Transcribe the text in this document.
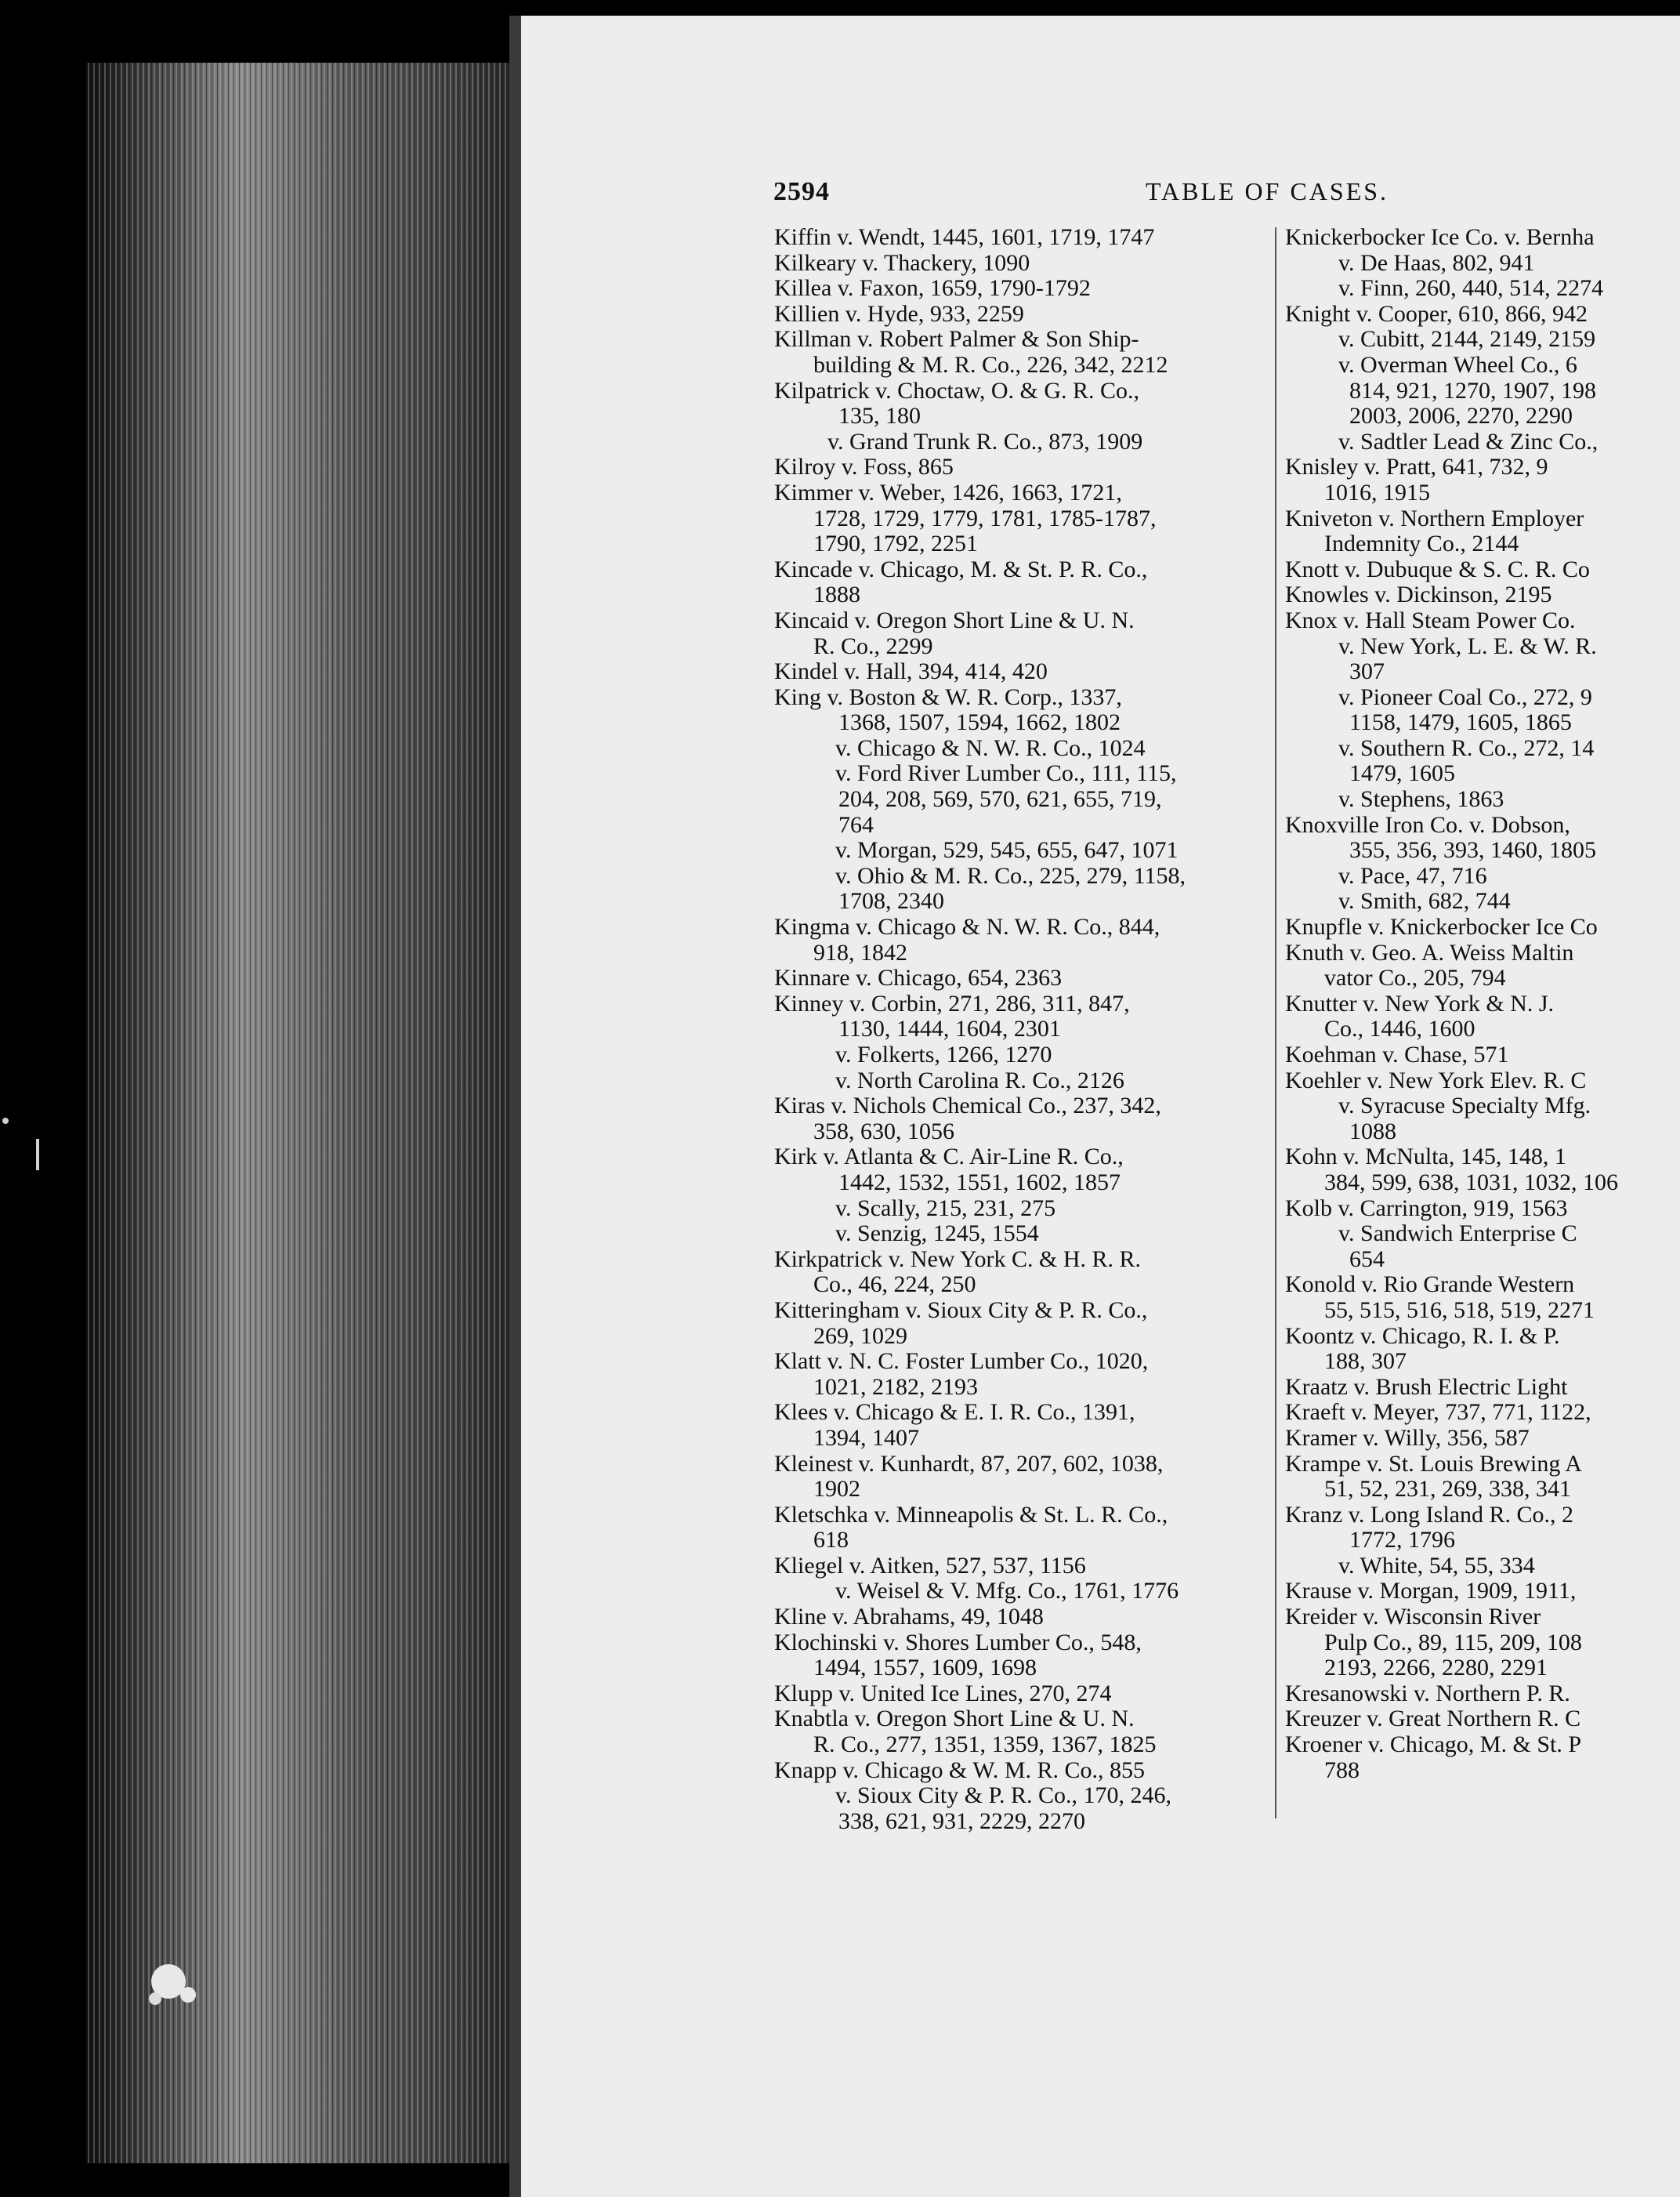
2594	TABLE OF CASES.
Kiffin v. Wendt, 1445, 1601, 1719, 1747
Kilkeary v. Thackery, 1090
Killea v. Faxon, 1659, 1790-1792
Killien v. Hyde, 933, 2259
Killman v. Robert Palmer & Son Ship-
building & M. R. Co., 226, 342, 2212
Kilpatrick v. Choctaw, O. & G. R. Co.,
135, 180
v. Grand Trunk R. Co., 873, 1909
Kilroy v. Foss, 865
Kimmer v. Weber, 1426, 1663, 1721,
1728, 1729, 1779, 1781, 1785-1787,
1790, 1792, 2251
Kincade v. Chicago, M. & St. P. R. Co.,
1888
Kincaid v. Oregon Short Line & U. N.
R. Co., 2299
Kindel v. Hall, 394, 414, 420
King v. Boston & W. R. Corp., 1337,
1368, 1507, 1594, 1662, 1802
v. Chicago & N. W. R. Co., 1024
v. Ford River Lumber Co., 111, 115,
204, 208, 569, 570, 621, 655, 719,
764
v. Morgan, 529, 545, 655, 647, 1071
v. Ohio & M. R. Co., 225, 279, 1158,
1708, 2340
Kingma v. Chicago & N. W. R. Co., 844,
918, 1842
Kinnare v. Chicago, 654, 2363
Kinney v. Corbin, 271, 286, 311, 847,
1130, 1444, 1604, 2301
v. Folkerts, 1266, 1270
v. North Carolina R. Co., 2126
Kiras v. Nichols Chemical Co., 237, 342,
358, 630, 1056
Kirk v. Atlanta & C. Air-Line R. Co.,
1442, 1532, 1551, 1602, 1857
v. Scally, 215, 231, 275
v. Senzig, 1245, 1554
Kirkpatrick v. New York C. & H. R. R.
Co., 46, 224, 250
Kitteringham v. Sioux City & P. R. Co.,
269, 1029
Klatt v. N. C. Foster Lumber Co., 1020,
1021, 2182, 2193
Klees v. Chicago & E. I. R. Co., 1391,
1394, 1407
Kleinest v. Kunhardt, 87, 207, 602, 1038,
1902
Kletschka v. Minneapolis & St. L. R. Co.,
618
Kliegel v. Aitken, 527, 537, 1156
v. Weisel & V. Mfg. Co., 1761, 1776
Kline v. Abrahams, 49, 1048
Klochinski v. Shores Lumber Co., 548,
1494, 1557, 1609, 1698
Klupp v. United Ice Lines, 270, 274
Knabtla v. Oregon Short Line & U. N.
R. Co., 277, 1351, 1359, 1367, 1825
Knapp v. Chicago & W. M. R. Co., 855
v. Sioux City & P. R. Co., 170, 246,
338, 621, 931, 2229, 2270
Knickerbocker Ice Co. v. Bernha
v. De Haas, 802, 941
v. Finn, 260, 440, 514, 2274
Knight v. Cooper, 610, 866, 942
v. Cubitt, 2144, 2149, 2159
v. Overman Wheel Co., 6
814, 921, 1270, 1907, 198
2003, 2006, 2270, 2290
v. Sadtler Lead & Zinc Co.,
Knisley v. Pratt, 641, 732, 9
1016, 1915
Kniveton v. Northern Employer
Indemnity Co., 2144
Knott v. Dubuque & S. C. R. Co
Knowles v. Dickinson, 2195
Knox v. Hall Steam Power Co.
v. New York, L. E. & W. R.
307
v. Pioneer Coal Co., 272, 9
1158, 1479, 1605, 1865
v. Southern R. Co., 272, 14
1479, 1605
v. Stephens, 1863
Knoxville Iron Co. v. Dobson,
355, 356, 393, 1460, 1805
v. Pace, 47, 716
v. Smith, 682, 744
Knupfle v. Knickerbocker Ice Co
Knuth v. Geo. A. Weiss Maltin
vator Co., 205, 794
Knutter v. New York & N. J.
Co., 1446, 1600
Koehman v. Chase, 571
Koehler v. New York Elev. R. C
v. Syracuse Specialty Mfg.
1088
Kohn v. McNulta, 145, 148, 1
384, 599, 638, 1031, 1032, 106
Kolb v. Carrington, 919, 1563
v. Sandwich Enterprise C
654
Konold v. Rio Grande Western
55, 515, 516, 518, 519, 2271
Koontz v. Chicago, R. I. & P.
188, 307
Kraatz v. Brush Electric Light
Kraeft v. Meyer, 737, 771, 1122,
Kramer v. Willy, 356, 587
Krampe v. St. Louis Brewing A
51, 52, 231, 269, 338, 341
Kranz v. Long Island R. Co., 2
1772, 1796
v. White, 54, 55, 334
Krause v. Morgan, 1909, 1911,
Kreider v. Wisconsin River
Pulp Co., 89, 115, 209, 108
2193, 2266, 2280, 2291
Kresanowski v. Northern P. R.
Kreuzer v. Great Northern R. C
Kroener v. Chicago, M. & St. P
788
